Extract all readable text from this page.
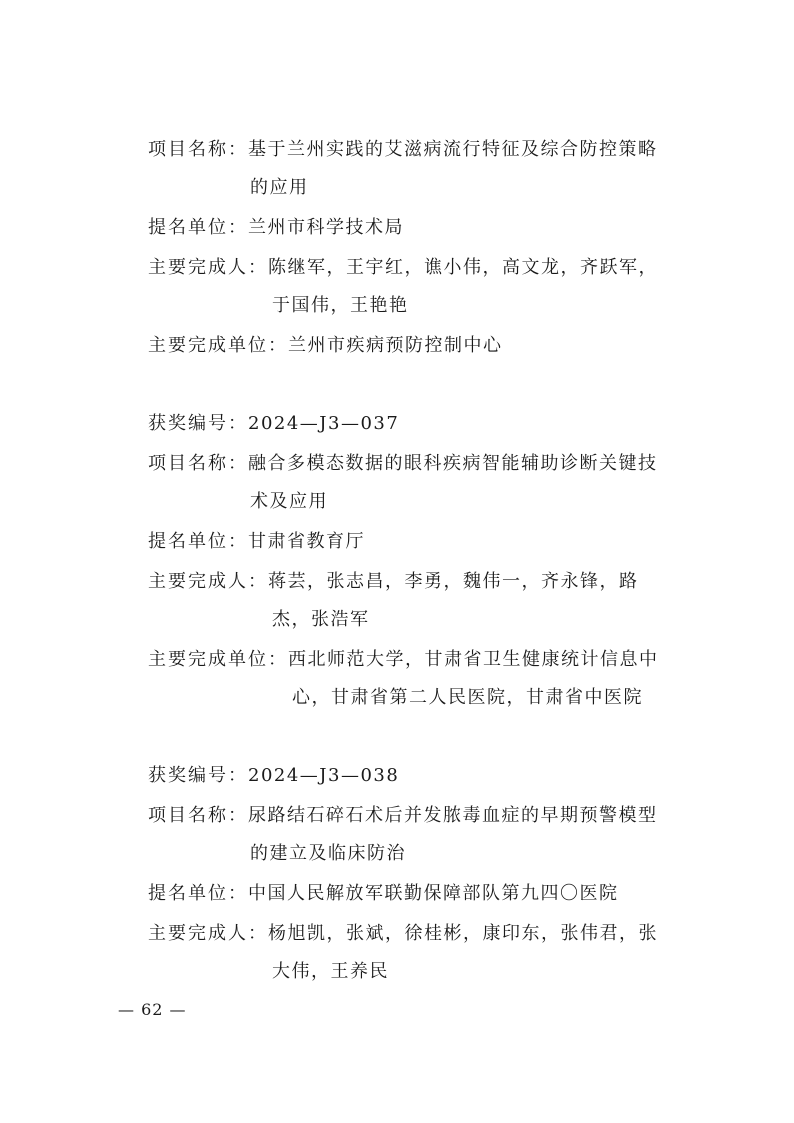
项目名称：基于兰州实践的艾滋病流行特征及综合防控策略
的应用
提名单位：兰州市科学技术局
主要完成人：陈继军，王宇红，谯小伟，高文龙，齐跃军，
于国伟，王艳艳
主要完成单位：兰州市疾病预防控制中心
获奖编号：2024—J3—037
项目名称：融合多模态数据的眼科疾病智能辅助诊断关键技
术及应用
提名单位：甘肃省教育厅
主要完成人：蒋芸，张志昌，李勇，魏伟一，齐永锋，路
杰，张浩军
主要完成单位：西北师范大学，甘肃省卫生健康统计信息中
心，甘肃省第二人民医院，甘肃省中医院
获奖编号：2024—J3—038
项目名称：尿路结石碎石术后并发脓毒血症的早期预警模型
的建立及临床防治
提名单位：中国人民解放军联勤保障部队第九四〇医院
主要完成人：杨旭凯，张斌，徐桂彬，康印东，张伟君，张
大伟，王养民
— 62 —
